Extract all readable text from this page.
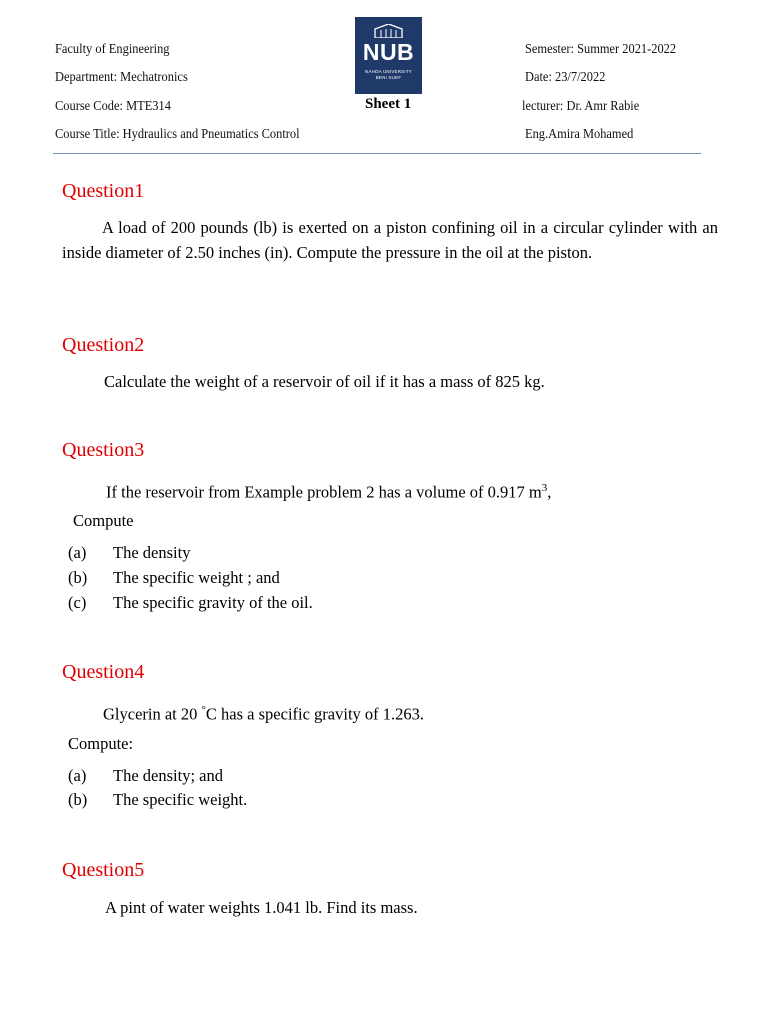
Faculty of Engineering
Department: Mechatronics
Course Code: MTE314
Course Title: Hydraulics and Pneumatics Control
NUB
NAHDA UNIVERSITY
BENI SUEF
Sheet 1
Semester: Summer 2021-2022
Date: 23/7/2022
lecturer: Dr. Amr Rabie
Eng.Amira Mohamed
Question1
A load of 200 pounds (lb) is exerted on a piston confining oil in a circular cylinder with an inside diameter of 2.50 inches (in). Compute the pressure in the oil at the piston.
Question2
Calculate the weight of a reservoir of oil if it has a mass of 825 kg.
Question3
If the reservoir from Example problem 2 has a volume of 0.917 $m^3$,
Compute
(a) The density
(b) The specific weight ; and
(c) The specific gravity of the oil.
Question4
Glycerin at 20 °C has a specific gravity of 1.263.
Compute:
(a) The density; and
(b) The specific weight.
Question5
A pint of water weights 1.041 lb. Find its mass.
